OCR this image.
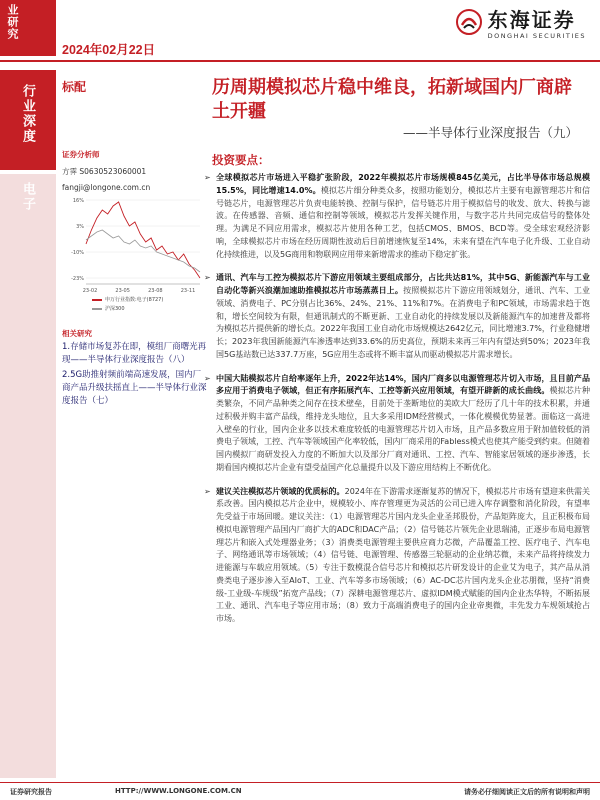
业研究
2024年02月22日
东海证券
DONGHAI SECURITIES
行业深度
电子
标配
证券分析师
方霁 S0630523060001
fangji@longone.com.cn
16%
3%
-10%
-23%
23-02	23-05	23-08	23-11
申万行业指数:电子(8727)
沪深300
相关研究

1.存储市场复苏在即，模组厂商曙光再现——半导体行业深度报告（八）

2.5G助推射频前端高速发展，国内厂商产品升级扶摇直上——半导体行业深度报告（七）

历周期模拟芯片稳中维良，拓新域国内厂商辟土开疆
——半导体行业深度报告（九）
投资要点：
➢ 全球模拟芯片市场进入平稳扩张阶段，2022年模拟芯片市场规模845亿美元，占比半导体市场总规模15.5%，同比增速14.0%。模拟芯片细分种类众多，按照功能划分，模拟芯片主要有电源管理芯片和信号链芯片，电源管理芯片负责电能转换、控制与保护，信号链芯片用于模拟信号的收发、放大、转换与滤波。在传感器、音频、通信和控制等领域，模拟芯片发挥关键作用，与数字芯片共同完成信号的整体处理。为满足不同应用需求，模拟芯片使用各种工艺，包括CMOS、BMOS、BCD等。受全球宏观经济影响，全球模拟芯片市场在经历周期性波动后目前增速恢复至14%，未来有望在汽车电子化升级、工业自动化持续推进，以及5G商用和物联网应用带来新增需求的推动下稳定扩张。
➢ 通讯、汽车与工控为模拟芯片下游应用领域主要组成部分，占比共达81%，其中5G、新能源汽车与工业自动化等新兴浪潮加速助推模拟芯片市场蒸蒸日上。按照模拟芯片下游应用领域划分，通讯、汽车、工业领域、消费电子、PC分别占比36%、24%、21%、11%和7%。在消费电子和PC领域，市场需求趋于饱和，增长空间较为有限，但通讯制式的不断更新、工业自动化的持续发展以及新能源汽车的加速普及都将为模拟芯片提供新的增长点。2022年我国工业自动化市场规模达2642亿元，同比增速3.7%，行业稳健增长；2023年我国新能源汽车渗透率达到33.6%的历史高位，预期未来再三年内有望达到50%；2023年我国5G基站数已达337.7万座，5G应用生态或将不断丰富从而驱动模拟芯片需求增长。
➢ 中国大陆模拟芯片自给率逐年上升，2022年达14%，国内厂商多以电源管理芯片切入市场，且目前产品多应用于消费电子领域，但正有序拓展汽车、工控等新兴应用领域，有望开辟新的成长曲线。模拟芯片种类繁杂，不同产品种类之间存在技术壁垒，目前处于垄断地位的美欧大厂经历了几十年的技术积累，并通过积极并购丰富产品线，维持龙头地位，且大多采用IDM经营模式，一体化模模优势显著。面临这一高进入壁垒的行业，国内企业多以技术难度较低的电源管理芯片切入市场，且产品多数应用于附加值较低的消费电子领域，工控、汽车等领域国产化率较低，国内厂商采用的Fabless模式也使其产能受到约束。但随着国内模拟厂商研发投入力度的不断加大以及部分厂商对通讯、工控、汽车、智能家居领域的逐步渗透，长期看国内模拟芯片企业有望受益国产化总量提升以及下游应用结构上不断优化。
➢ 建议关注模拟芯片领域的优质标的。2024年在下游需求逐渐复苏的情况下，模拟芯片市场有望迎来供需关系改善。国内模拟芯片企业中，规模较小、库存管理更为灵活的公司已进入库存调整和消化阶段，有望率先受益于市场回暖。建议关注：（1）电源管理芯片国内龙头企业圣邦股份，产品矩阵庞大，且正积极布局模拟电源管理产品国内厂商扩大的ADC和DAC产品；（2）信号链芯片领先企业思瑞浦，正逐步布局电源管理芯片和嵌入式处理器业务；（3）消费类电源管理主要供应商力芯微，产品覆盖工控、医疗电子、汽车电子、网络通讯等市场领域；（4）信号链、电源管理、传感器三轮驱动的企业纳芯微，未来产品将持续发力进能源与车载应用领域。（5）专注于数模混合信号芯片和模拟芯片研发设计的企业艾为电子，其产品从消费类电子逐步渗入至AIoT、工业、汽车等多市场领域；（6）AC-DC芯片国内龙头企业芯朋微，坚持“消费级-工业级-车规级”拓宽产品线；（7）深耕电源管理芯片、虚拟IDM模式赋能的国内企业杰华特，不断拓展工业、通讯、汽车电子等应用市场；（8）致力于高端消费电子的国内企业帝奥微，丰先发力车规领域抢占市场。
证券研究报告	HTTP://WWW.LONGONE.COM.CN	请务必仔细阅读正文后的所有说明和声明
